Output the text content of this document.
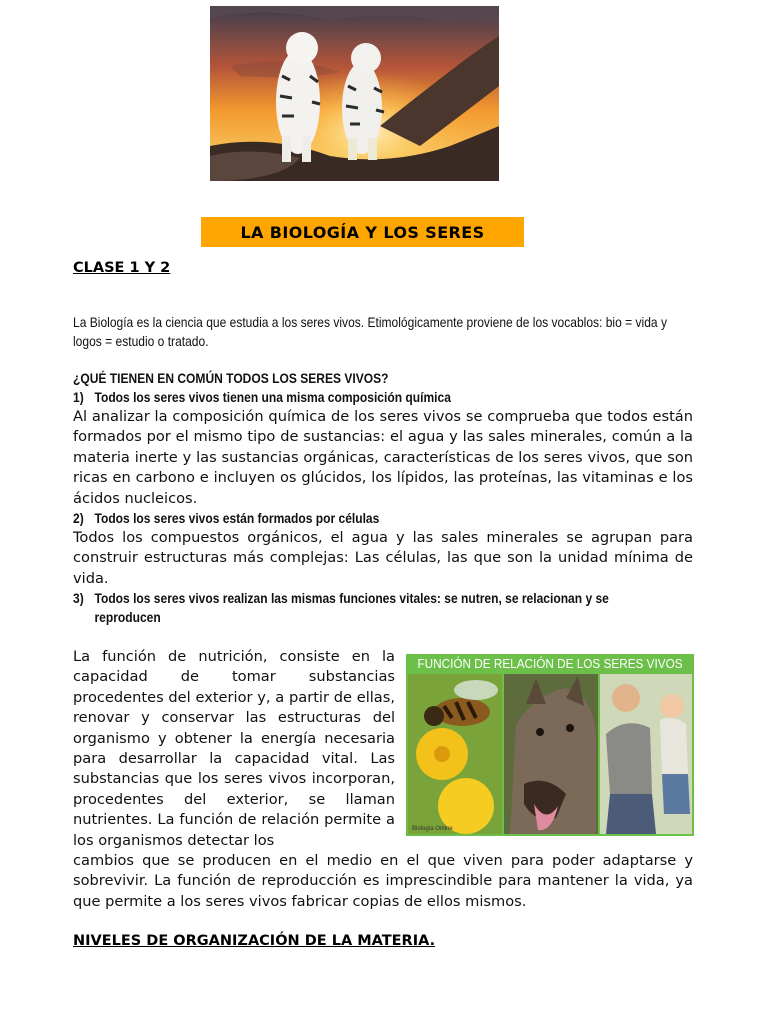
LA BIOLOGÍA Y LOS SERES
CLASE 1 Y 2
La Biología es la ciencia que estudia a los seres vivos. Etimológicamente proviene de los vocablos: bio = vida y logos = estudio o tratado.
¿QUÉ TIENEN EN COMÚN TODOS LOS SERES VIVOS?
1) Todos los seres vivos tienen una misma composición química
Al analizar la composición química de los seres vivos se comprueba que todos están formados por el mismo tipo de sustancias: el agua y las sales minerales, común a la materia inerte y las sustancias orgánicas, características de los seres vivos, que son ricas en carbono e incluyen os glúcidos, los lípidos, las proteínas, las vitaminas e los ácidos nucleicos.
2) Todos los seres vivos están formados por células
Todos los compuestos orgánicos, el agua y las sales minerales se agrupan para construir estructuras más complejas: Las células, las que son la unidad mínima de vida.
3) Todos los seres vivos realizan las mismas funciones vitales: se nutren, se relacionan y se
reproducen
La función de nutrición, consiste en la capacidad de tomar substancias procedentes del exterior y, a partir de ellas, renovar y conservar las estructuras del organismo y obtener la energía necesaria para desarrollar la capacidad vital. Las substancias que los seres vivos incorporan, procedentes del exterior, se llaman nutrientes. La función de relación permite a los organismos detectar los
Biología Online
FUNCIÓN DE RELACIÓN DE LOS SERES VIVOS
cambios que se producen en el medio en el que viven para poder adaptarse y sobrevivir. La función de reproducción es imprescindible para mantener la vida, ya que permite a los seres vivos fabricar copias de ellos mismos.
NIVELES DE ORGANIZACIÓN DE LA MATERIA.
